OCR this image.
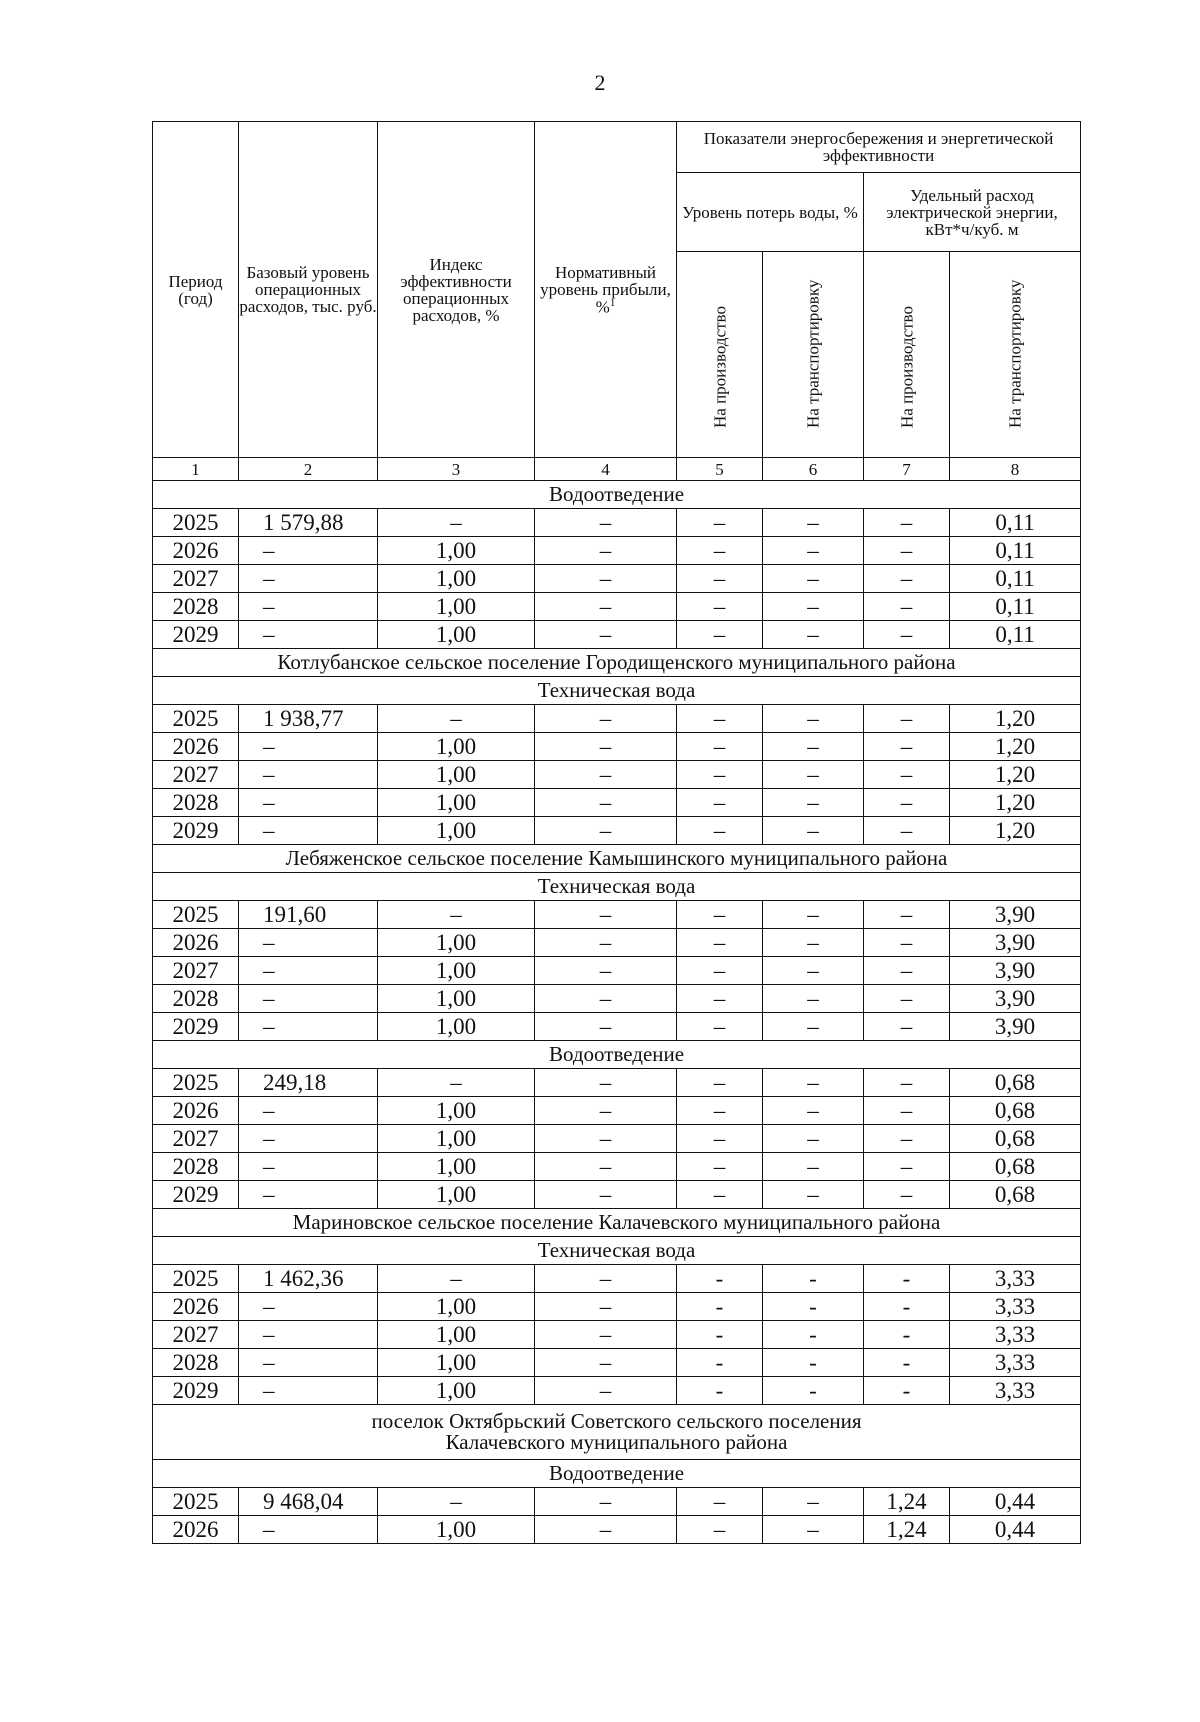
2
Период (год)	Базовый уровень операционных расходов, тыс. руб.	Индекс эффективности операционных расходов, %	Нормативный уровень прибыли, %$^1$	Показатели энергосбережения и энергетической эффективности			
				Уровень потерь воды, %		Удельный расход электрической энергии, кВт*ч/куб. м	

				На производство	На транспортировку	На производство	На транспортировку

1	2	3	4	5	6	7	8
Водоотведение							
2025	1 579,88	–	–	–	–	–	0,11
2026	–	1,00	–	–	–	–	0,11
2027	–	1,00	–	–	–	–	0,11
2028	–	1,00	–	–	–	–	0,11
2029	–	1,00	–	–	–	–	0,11
Котлубанское сельское поселение Городищенского муниципального района							
Техническая вода							
2025	1 938,77	–	–	–	–	–	1,20
2026	–	1,00	–	–	–	–	1,20
2027	–	1,00	–	–	–	–	1,20
2028	–	1,00	–	–	–	–	1,20
2029	–	1,00	–	–	–	–	1,20
Лебяженское сельское поселение Камышинского муниципального района							
Техническая вода							
2025	191,60	–	–	–	–	–	3,90
2026	–	1,00	–	–	–	–	3,90
2027	–	1,00	–	–	–	–	3,90
2028	–	1,00	–	–	–	–	3,90
2029	–	1,00	–	–	–	–	3,90
Водоотведение							
2025	249,18	–	–	–	–	–	0,68
2026	–	1,00	–	–	–	–	0,68
2027	–	1,00	–	–	–	–	0,68
2028	–	1,00	–	–	–	–	0,68
2029	–	1,00	–	–	–	–	0,68
Мариновское сельское поселение Калачевского муниципального района							
Техническая вода							
2025	1 462,36	–	–	-	-	-	3,33
2026	–	1,00	–	-	-	-	3,33
2027	–	1,00	–	-	-	-	3,33
2028	–	1,00	–	-	-	-	3,33
2029	–	1,00	–	-	-	-	3,33

поселок Октябрьский Советского сельского поселения
Калачевского муниципального района							

Водоотведение							
2025	9 468,04	–	–	–	–	1,24	0,44
2026	–	1,00	–	–	–	1,24	0,44
